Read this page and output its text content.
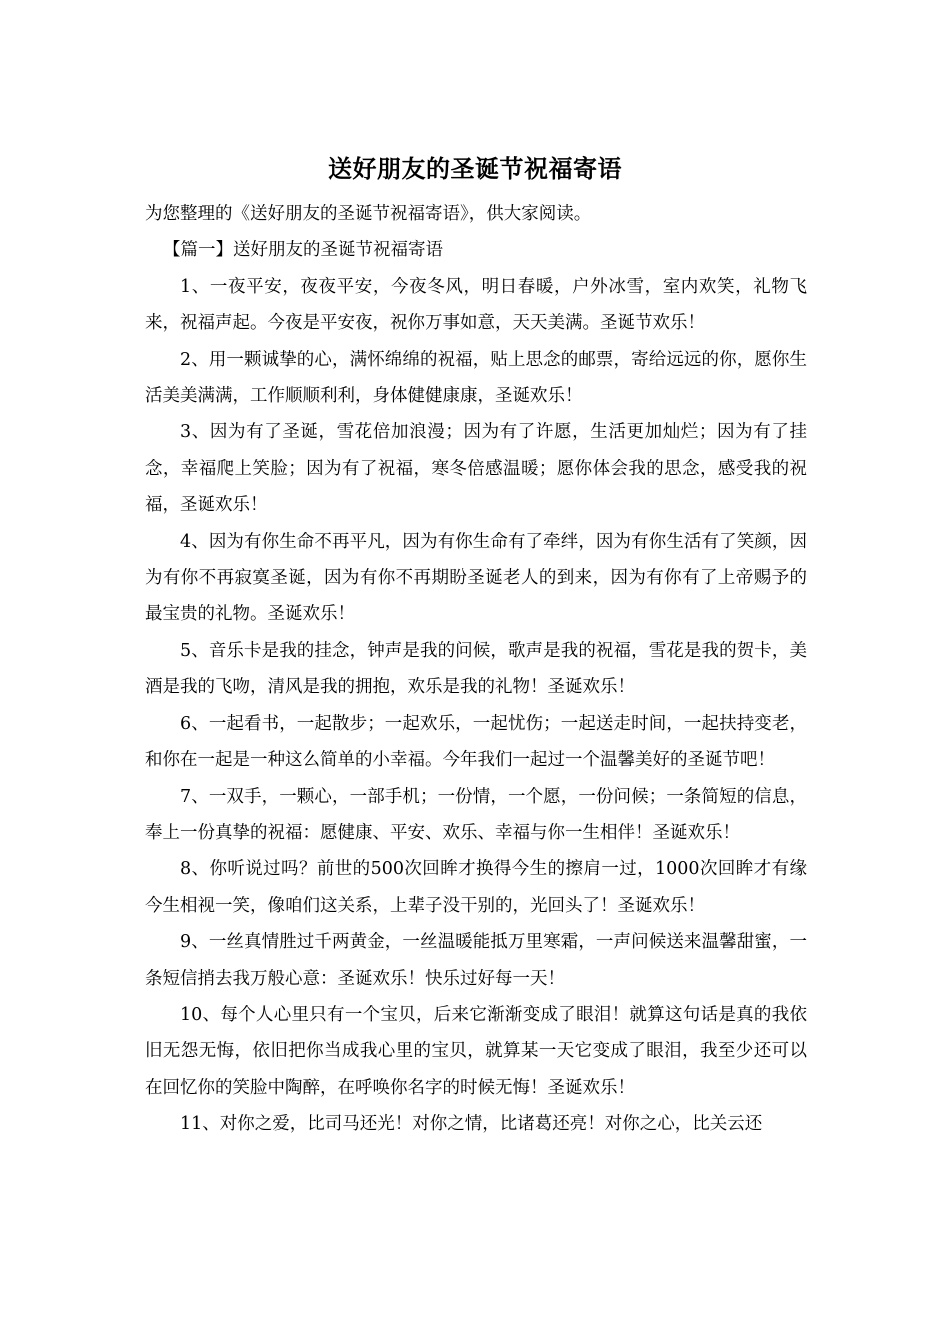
送好朋友的圣诞节祝福寄语

为您整理的《送好朋友的圣诞节祝福寄语》，供大家阅读。

【篇一】送好朋友的圣诞节祝福寄语

1、一夜平安，夜夜平安，今夜冬风，明日春暖，户外冰雪，室内欢笑，礼物飞来，祝福声起。今夜是平安夜，祝你万事如意，天天美满。圣诞节欢乐！

2、用一颗诚挚的心，满怀绵绵的祝福，贴上思念的邮票，寄给远远的你，愿你生活美美满满，工作顺顺利利，身体健健康康，圣诞欢乐！

3、因为有了圣诞，雪花倍加浪漫；因为有了许愿，生活更加灿烂；因为有了挂念，幸福爬上笑脸；因为有了祝福，寒冬倍感温暖；愿你体会我的思念，感受我的祝福，圣诞欢乐！

4、因为有你生命不再平凡，因为有你生命有了牵绊，因为有你生活有了笑颜，因为有你不再寂寞圣诞，因为有你不再期盼圣诞老人的到来，因为有你有了上帝赐予的最宝贵的礼物。圣诞欢乐！

5、音乐卡是我的挂念，钟声是我的问候，歌声是我的祝福，雪花是我的贺卡，美酒是我的飞吻，清风是我的拥抱，欢乐是我的礼物！圣诞欢乐！

6、一起看书，一起散步；一起欢乐，一起忧伤；一起送走时间，一起扶持变老，和你在一起是一种这么简单的小幸福。今年我们一起过一个温馨美好的圣诞节吧！

7、一双手，一颗心，一部手机；一份情，一个愿，一份问候；一条简短的信息，奉上一份真挚的祝福：愿健康、平安、欢乐、幸福与你一生相伴！圣诞欢乐！

8、你听说过吗？前世的500次回眸才换得今生的擦肩一过，1000次回眸才有缘今生相视一笑，像咱们这关系，上辈子没干别的，光回头了！圣诞欢乐！

9、一丝真情胜过千两黄金，一丝温暖能抵万里寒霜，一声问候送来温馨甜蜜，一条短信捎去我万般心意：圣诞欢乐！快乐过好每一天！

10、每个人心里只有一个宝贝，后来它渐渐变成了眼泪！就算这句话是真的我依旧无怨无悔，依旧把你当成我心里的宝贝，就算某一天它变成了眼泪，我至少还可以在回忆你的笑脸中陶醉，在呼唤你名字的时候无悔！圣诞欢乐！

11、对你之爱，比司马还光！对你之情，比诸葛还亮！对你之心，比关云还
